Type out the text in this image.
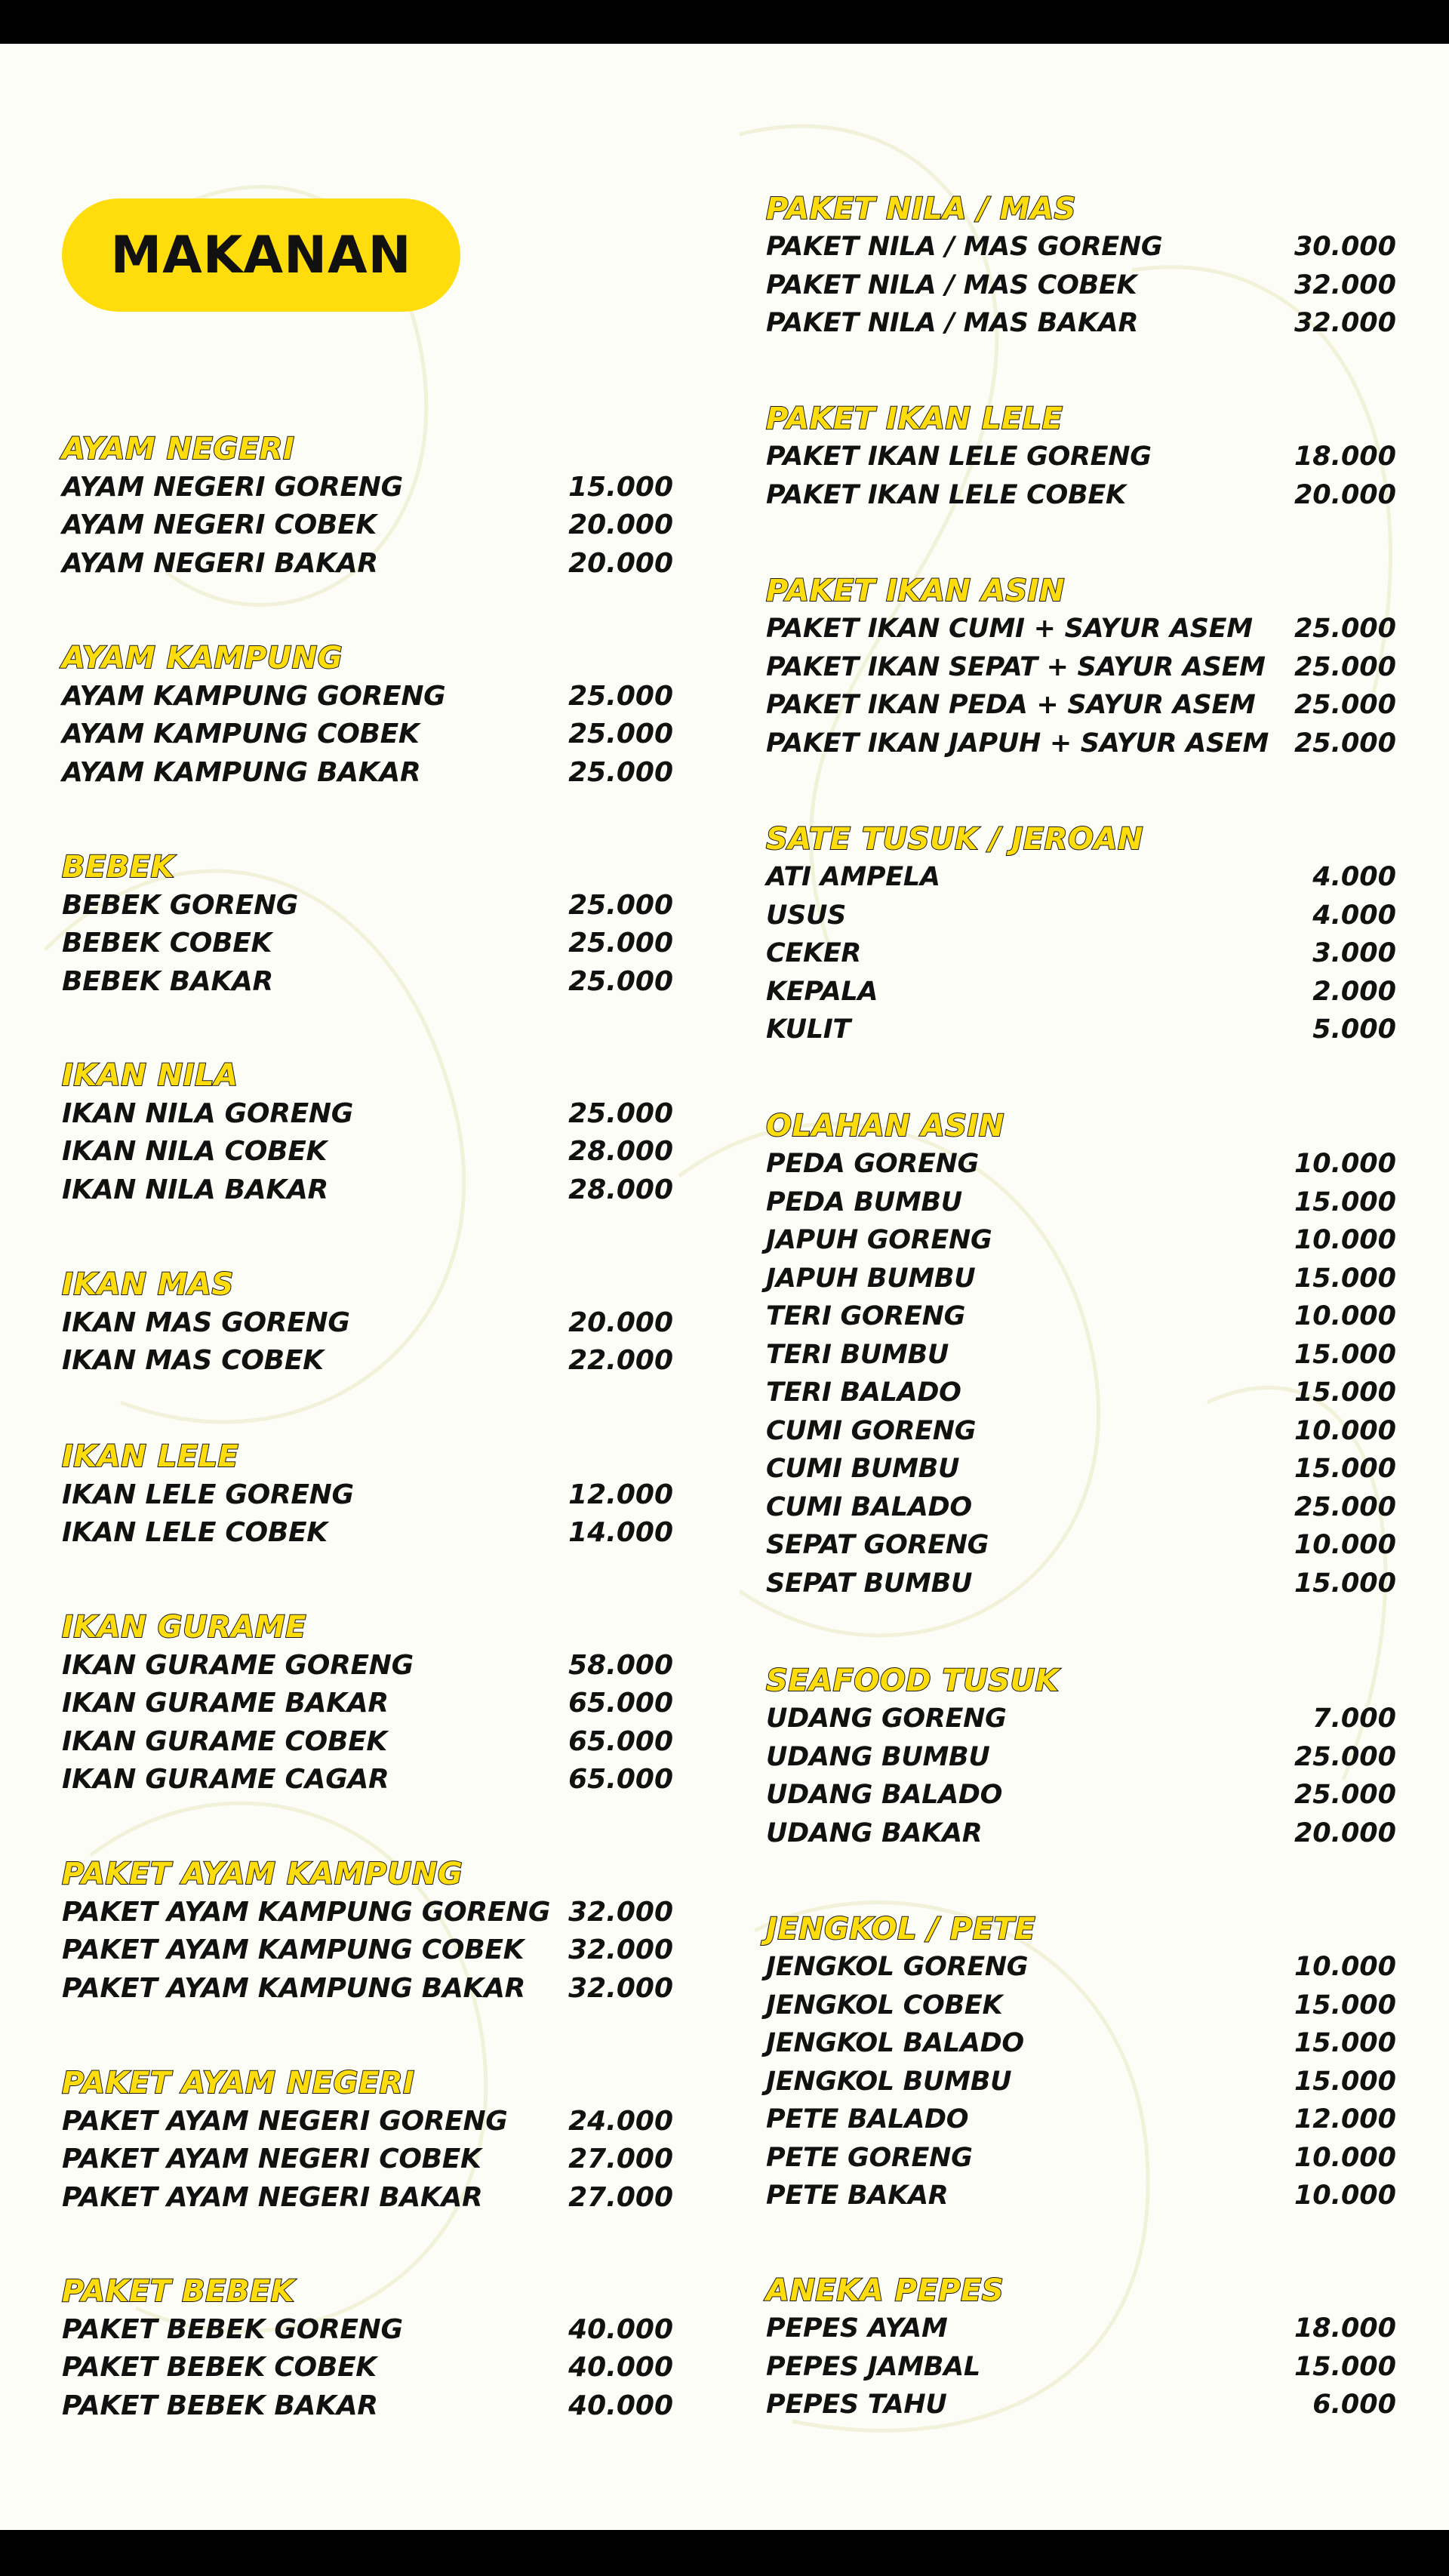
MAKANAN
AYAM NEGERI
AYAM NEGERI GORENG	15.000
AYAM NEGERI COBEK	20.000
AYAM NEGERI BAKAR	20.000
AYAM KAMPUNG
AYAM KAMPUNG GORENG	25.000
AYAM KAMPUNG COBEK	25.000
AYAM KAMPUNG BAKAR	25.000
BEBEK
BEBEK GORENG	25.000
BEBEK COBEK	25.000
BEBEK BAKAR	25.000
IKAN NILA
IKAN NILA GORENG	25.000
IKAN NILA COBEK	28.000
IKAN NILA BAKAR	28.000
IKAN MAS
IKAN MAS GORENG	20.000
IKAN MAS COBEK	22.000
IKAN LELE
IKAN LELE GORENG	12.000
IKAN LELE COBEK	14.000
IKAN GURAME
IKAN GURAME GORENG	58.000
IKAN GURAME BAKAR	65.000
IKAN GURAME COBEK	65.000
IKAN GURAME CAGAR	65.000
PAKET AYAM KAMPUNG
PAKET AYAM KAMPUNG GORENG 32.000
PAKET AYAM KAMPUNG COBEK 32.000
PAKET AYAM KAMPUNG BAKAR 32.000
PAKET AYAM NEGERI
PAKET AYAM NEGERI GORENG 24.000
PAKET AYAM NEGERI COBEK	27.000
PAKET AYAM NEGERI BAKAR	27.000
PAKET BEBEK
PAKET BEBEK GORENG	40.000
PAKET BEBEK COBEK	40.000
PAKET BEBEK BAKAR	40.000
PAKET NILA / MAS
PAKET NILA / MAS GORENG	30.000
PAKET NILA / MAS COBEK	32.000
PAKET NILA / MAS BAKAR	32.000
PAKET IKAN LELE
PAKET IKAN LELE GORENG	18.000
PAKET IKAN LELE COBEK	20.000
PAKET IKAN ASIN
PAKET IKAN CUMI + SAYUR ASEM 25.000
PAKET IKAN SEPAT + SAYUR ASEM 25.000
PAKET IKAN PEDA + SAYUR ASEM 25.000
PAKET IKAN JAPUH + SAYUR ASEM 25.000
SATE TUSUK / JEROAN
ATI AMPELA	4.000
USUS	4.000
CEKER	3.000
KEPALA	2.000
KULIT	5.000
OLAHAN ASIN
PEDA GORENG	10.000
PEDA BUMBU	15.000
JAPUH GORENG	10.000
JAPUH BUMBU	15.000
TERI GORENG	10.000
TERI BUMBU	15.000
TERI BALADO	15.000
CUMI GORENG	10.000
CUMI BUMBU	15.000
CUMI BALADO	25.000
SEPAT GORENG	10.000
SEPAT BUMBU	15.000
SEAFOOD TUSUK
UDANG GORENG	7.000
UDANG BUMBU	25.000
UDANG BALADO	25.000
UDANG BAKAR	20.000
JENGKOL / PETE
JENGKOL GORENG	10.000
JENGKOL COBEK	15.000
JENGKOL BALADO	15.000
JENGKOL BUMBU	15.000
PETE BALADO	12.000
PETE GORENG	10.000
PETE BAKAR	10.000
ANEKA PEPES
PEPES AYAM	18.000
PEPES JAMBAL	15.000
PEPES TAHU	6.000
